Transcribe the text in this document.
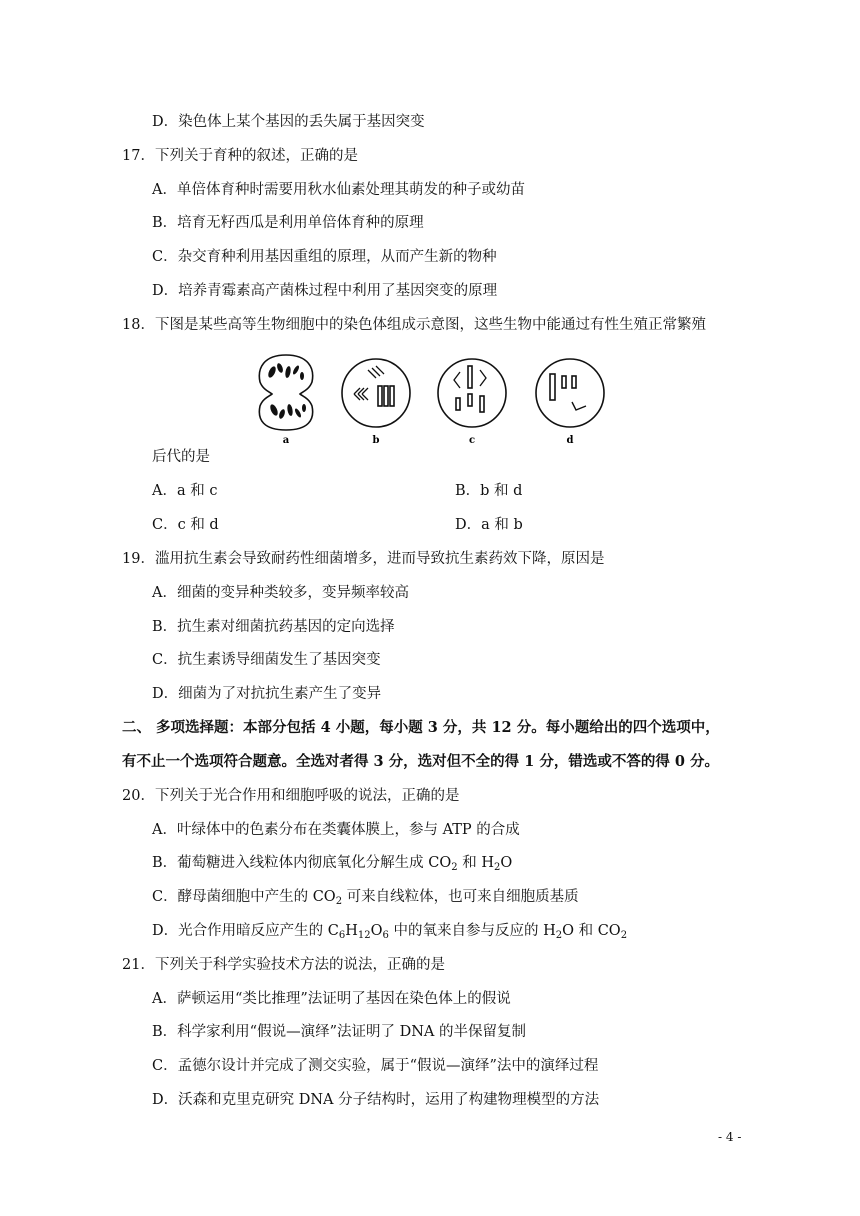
D．染色体上某个基因的丢失属于基因突变
17．下列关于育种的叙述，正确的是
A．单倍体育种时需要用秋水仙素处理其萌发的种子或幼苗
B．培育无籽西瓜是利用单倍体育种的原理
C．杂交育种利用基因重组的原理，从而产生新的物种
D．培养青霉素高产菌株过程中利用了基因突变的原理
18．下图是某些高等生物细胞中的染色体组成示意图，这些生物中能通过有性生殖正常繁殖
a	b	c	d
后代的是
A．a 和 c	B．b 和 d
C．c 和 d	D．a 和 b
19．滥用抗生素会导致耐药性细菌增多，进而导致抗生素药效下降，原因是
A．细菌的变异种类较多，变异频率较高
B．抗生素对细菌抗药基因的定向选择
C．抗生素诱导细菌发生了基因突变
D．细菌为了对抗抗生素产生了变异
二、 多项选择题：本部分包括 4 小题，每小题 3 分，共 12 分。每小题给出的四个选项中，
有不止一个选项符合题意。全选对者得 3 分，选对但不全的得 1 分，错选或不答的得 0 分。
20．下列关于光合作用和细胞呼吸的说法，正确的是
A．叶绿体中的色素分布在类囊体膜上，参与 ATP 的合成
B．葡萄糖进入线粒体内彻底氧化分解生成 $CO_2$ 和 $H_2O$
C．酵母菌细胞中产生的 $CO_2$ 可来自线粒体，也可来自细胞质基质
D．光合作用暗反应产生的 $C_6H_{12}O_6$ 中的氧来自参与反应的 $H_2O$ 和 $CO_2$
21．下列关于科学实验技术方法的说法，正确的是
A．萨顿运用“类比推理”法证明了基因在染色体上的假说
B．科学家利用“假说—演绎”法证明了 DNA 的半保留复制
C．孟德尔设计并完成了测交实验，属于“假说—演绎”法中的演绎过程
D．沃森和克里克研究 DNA 分子结构时，运用了构建物理模型的方法
- 4 -
